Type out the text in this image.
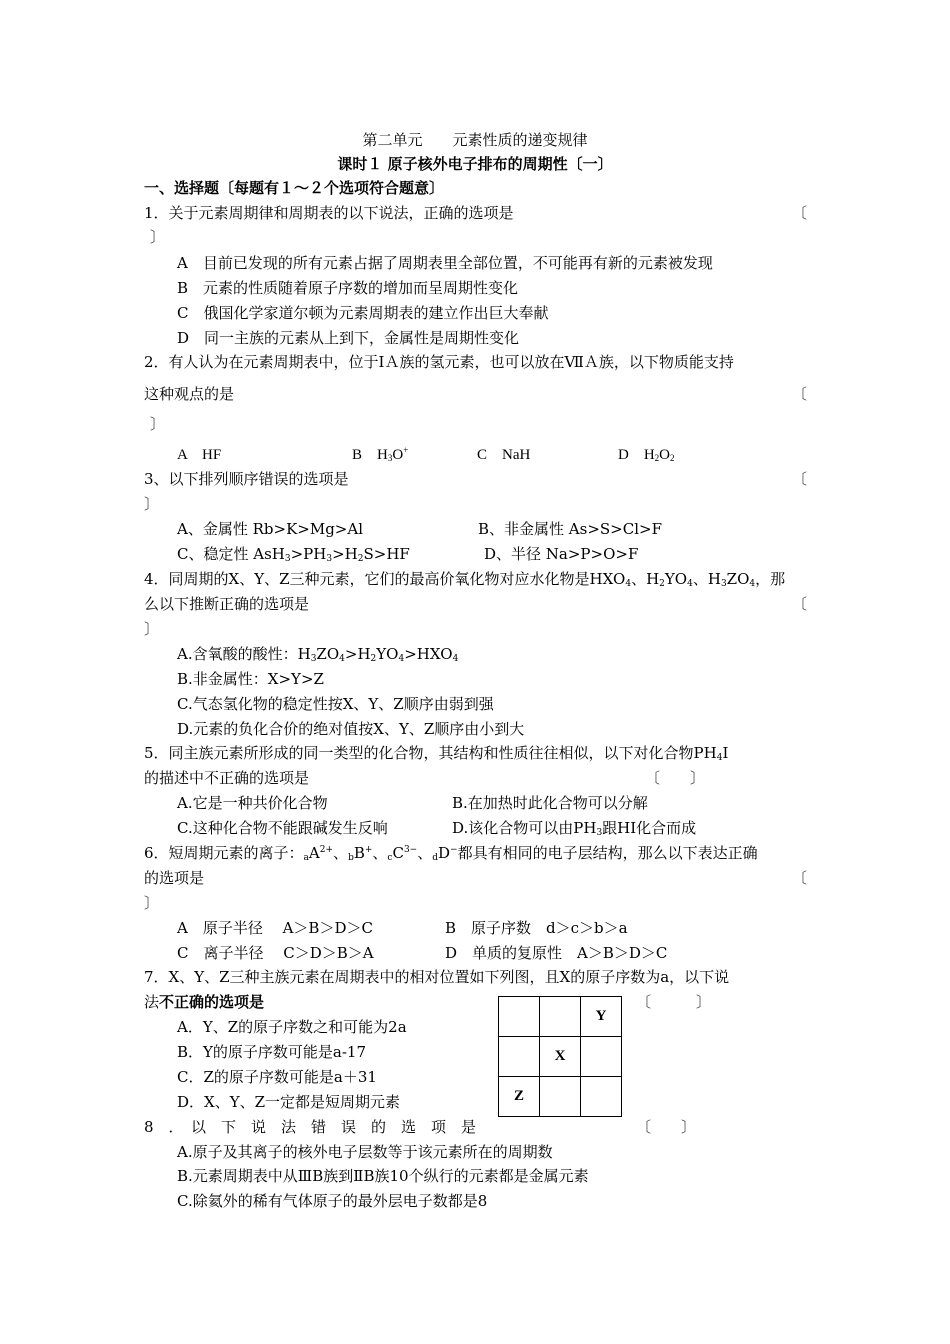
第二单元　　元素性质的递变规律
课时１ 原子核外电子排布的周期性〔一〕
一、选择题〔每题有１～２个选项符合题意〕
1．关于元素周期律和周期表的以下说法，正确的选项是	〔
〕
A　目前已发现的所有元素占据了周期表里全部位置，不可能再有新的元素被发现
B　元素的性质随着原子序数的增加而呈周期性变化
C　俄国化学家道尔顿为元素周期表的建立作出巨大奉献
D　同一主族的元素从上到下，金属性是周期性变化
2．有人认为在元素周期表中，位于ⅠＡ族的氢元素，也可以放在ⅦＡ族，以下物质能支持
这种观点的是	〔
〕
A　HF	B　$H_3O^+$	C　NaH	D　$H_2O_2$
3、以下排列顺序错误的选项是	〔
〕
A、金属性 Rb>K>Mg>Al	B、非金属性 As>S>Cl>F
C、稳定性 $AsH_3>PH_3>H_2S>HF$	D、半径 Na>P>O>F
4．同周期的X、Y、Z三种元素，它们的最高价氧化物对应水化物是$HXO_4$、$H_2YO_4$、$H_3ZO_4$，那
么以下推断正确的选项是	〔
〕
A.含氧酸的酸性：$H_3ZO_4>H_2YO_4>HXO_4$
B.非金属性：X>Y>Z
C.气态氢化物的稳定性按X、Y、Z顺序由弱到强
D.元素的负化合价的绝对值按X、Y、Z顺序由小到大
5．同主族元素所形成的同一类型的化合物，其结构和性质往往相似，以下对化合物$PH_4I$
的描述中不正确的选项是	〔　　〕
A.它是一种共价化合物	B.在加热时此化合物可以分解
C.这种化合物不能跟碱发生反响	D.该化合物可以由$PH_3$跟HI化合而成
6．短周期元素的离子：$_aA^{2+}$、$_b$B+、$_cC^{3-}$、$_d$D−都具有相同的电子层结构，那么以下表达正确
的选项是	〔
〕
A　原子半径　 A＞B＞D＞C	B　原子序数　d＞c＞b＞a
C　离子半径　 C＞D＞B＞A	D　单质的复原性　A＞B＞D＞C
7．X、Y、Z三种主族元素在周期表中的相对位置如下列图，且X的原子序数为a，以下说
法不正确的选项是	〔　　　〕
A．Y、Z的原子序数之和可能为2a
B．Y的原子序数可能是a-17
C．Z的原子序数可能是a＋31
D．X、Y、Z一定都是短周期元素
		Y
	X	
Z		
8　．　以　下　说　法　错　误　的　选　项　是	〔　　〕
A.原子及其离子的核外电子层数等于该元素所在的周期数
B.元素周期表中从ⅢB族到ⅡB族10个纵行的元素都是金属元素
C.除氦外的稀有气体原子的最外层电子数都是8
